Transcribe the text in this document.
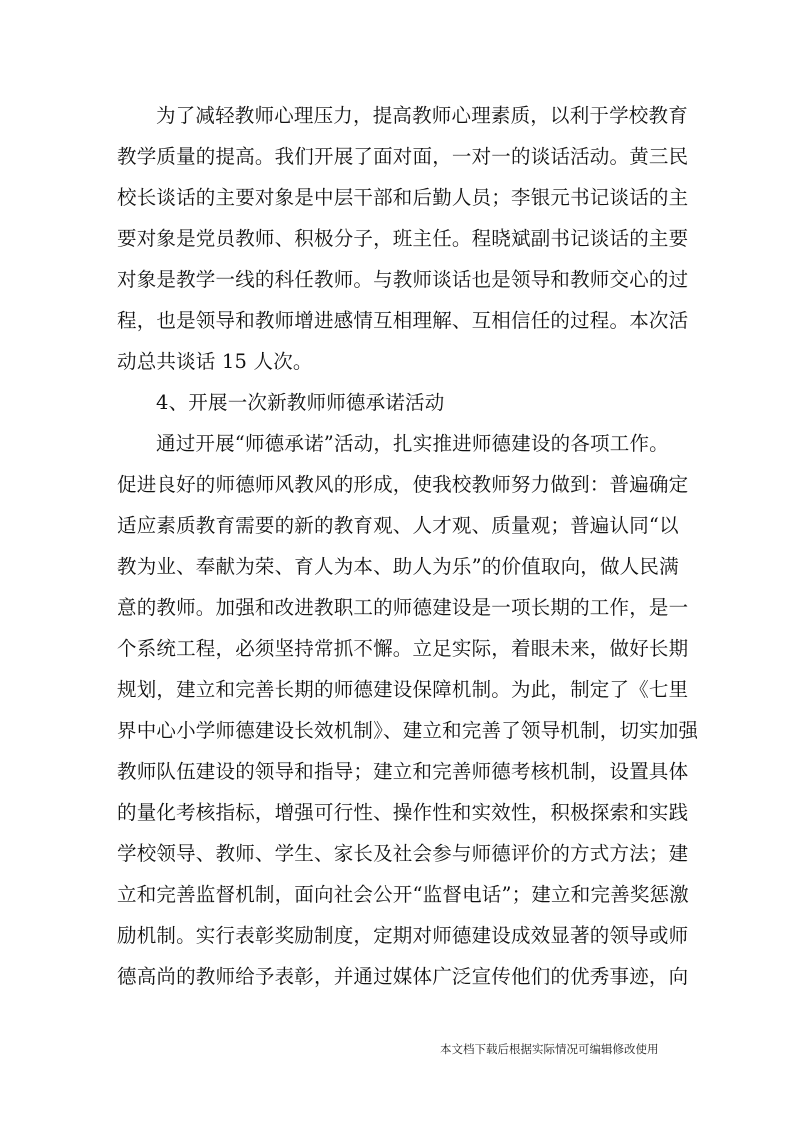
为了减轻教师心理压力，提高教师心理素质，以利于学校教育
教学质量的提高。我们开展了面对面，一对一的谈话活动。黄三民
校长谈话的主要对象是中层干部和后勤人员；李银元书记谈话的主
要对象是党员教师、积极分子，班主任。程晓斌副书记谈话的主要
对象是教学一线的科任教师。与教师谈话也是领导和教师交心的过
程，也是领导和教师增进感情互相理解、互相信任的过程。本次活
动总共谈话 15 人次。
4、开展一次新教师师德承诺活动
通过开展“师德承诺”活动，扎实推进师德建设的各项工作。
促进良好的师德师风教风的形成，使我校教师努力做到：普遍确定
适应素质教育需要的新的教育观、人才观、质量观；普遍认同“以
教为业、奉献为荣、育人为本、助人为乐”的价值取向，做人民满
意的教师。加强和改进教职工的师德建设是一项长期的工作，是一
个系统工程，必须坚持常抓不懈。立足实际，着眼未来，做好长期
规划，建立和完善长期的师德建设保障机制。为此，制定了《七里
界中心小学师德建设长效机制》、建立和完善了领导机制，切实加强
教师队伍建设的领导和指导；建立和完善师德考核机制，设置具体
的量化考核指标，增强可行性、操作性和实效性，积极探索和实践
学校领导、教师、学生、家长及社会参与师德评价的方式方法；建
立和完善监督机制，面向社会公开“监督电话”；建立和完善奖惩激
励机制。实行表彰奖励制度，定期对师德建设成效显著的领导或师
德高尚的教师给予表彰，并通过媒体广泛宣传他们的优秀事迹，向
本文档下载后根据实际情况可编辑修改使用
